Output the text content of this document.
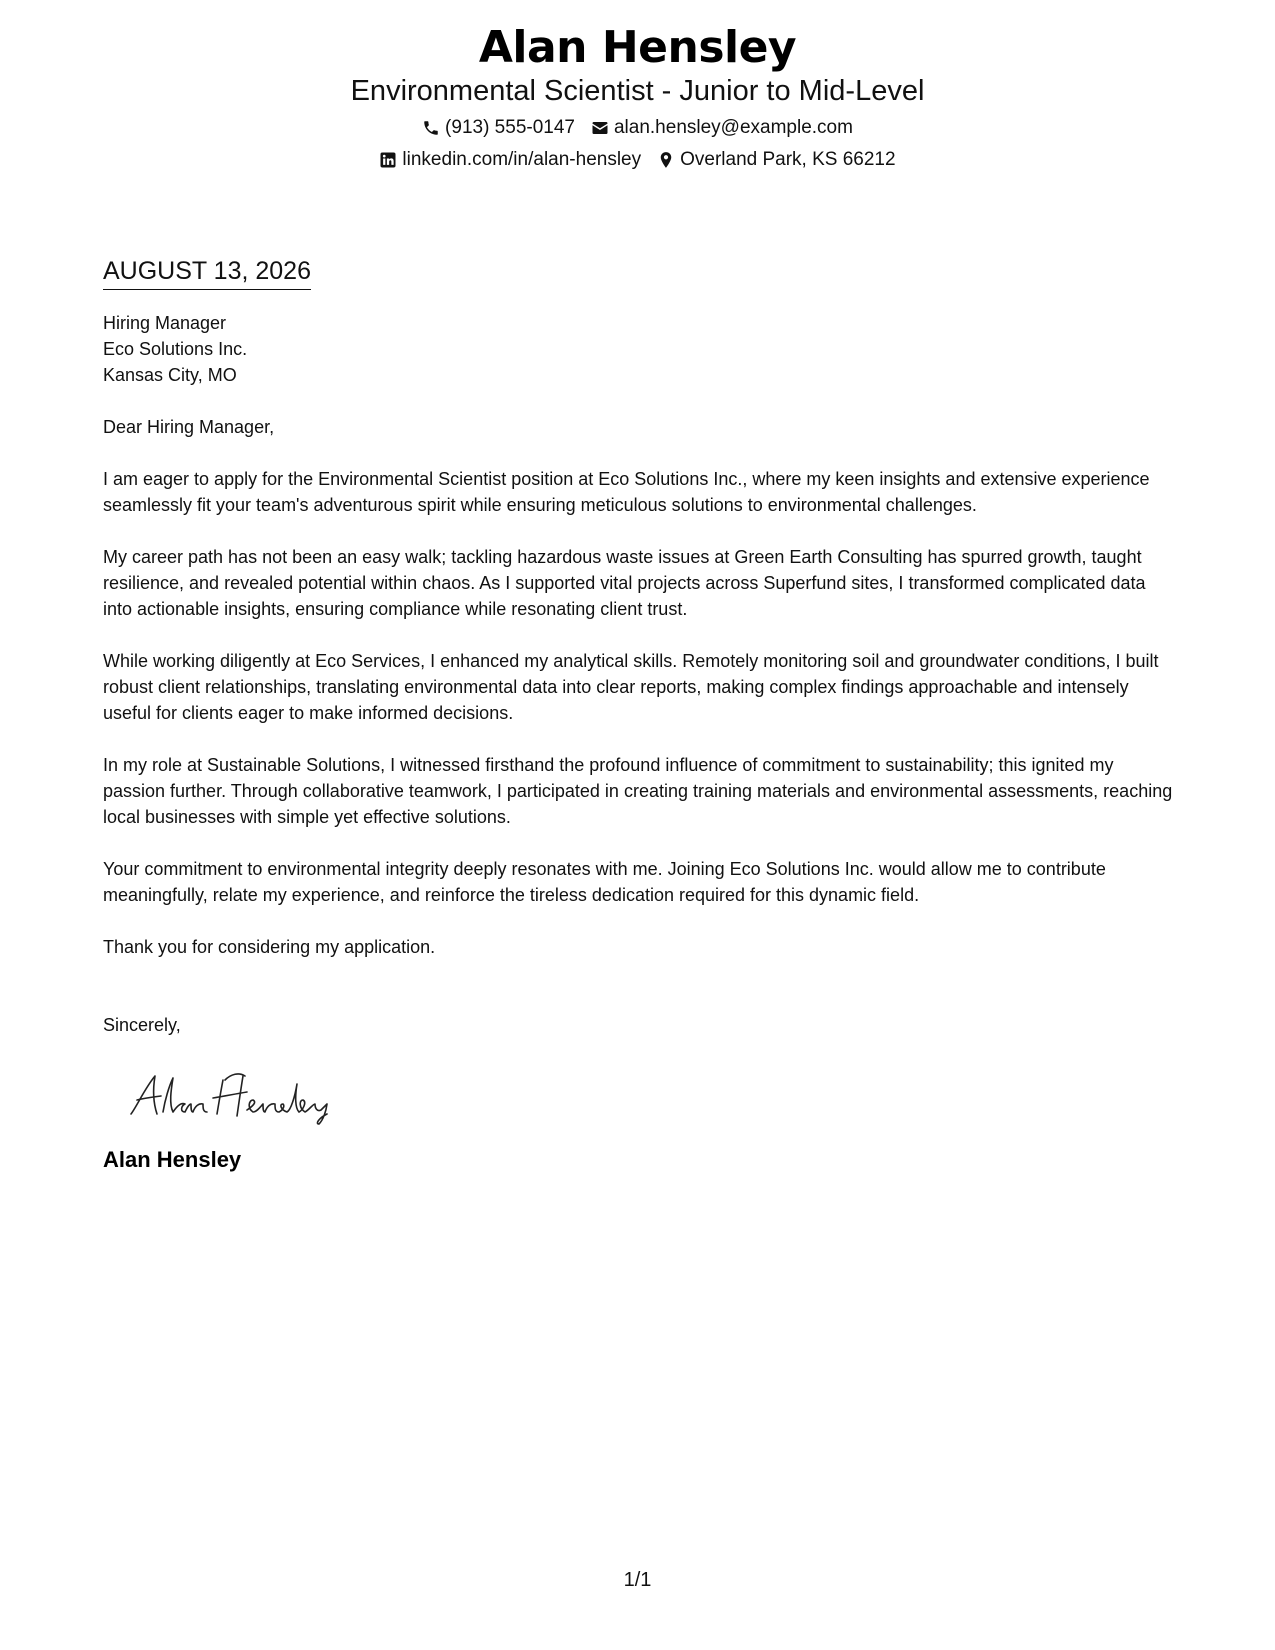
Alan Hensley
Environmental Scientist - Junior to Mid-Level
(913) 555-0147 alan.hensley@example.com
linkedin.com/in/alan-hensley Overland Park, KS 66212
AUGUST 13, 2026
Hiring Manager
Eco Solutions Inc.
Kansas City, MO
Dear Hiring Manager,
I am eager to apply for the Environmental Scientist position at Eco Solutions Inc., where my keen insights and extensive experience seamlessly fit your team's adventurous spirit while ensuring meticulous solutions to environmental challenges.
My career path has not been an easy walk; tackling hazardous waste issues at Green Earth Consulting has spurred growth, taught resilience, and revealed potential within chaos. As I supported vital projects across Superfund sites, I transformed complicated data into actionable insights, ensuring compliance while resonating client trust.
While working diligently at Eco Services, I enhanced my analytical skills. Remotely monitoring soil and groundwater conditions, I built robust client relationships, translating environmental data into clear reports, making complex findings approachable and intensely useful for clients eager to make informed decisions.
In my role at Sustainable Solutions, I witnessed firsthand the profound influence of commitment to sustainability; this ignited my passion further. Through collaborative teamwork, I participated in creating training materials and environmental assessments, reaching local businesses with simple yet effective solutions.
Your commitment to environmental integrity deeply resonates with me. Joining Eco Solutions Inc. would allow me to contribute meaningfully, relate my experience, and reinforce the tireless dedication required for this dynamic field.
Thank you for considering my application.
Sincerely,
Alan Hensley
1/1
